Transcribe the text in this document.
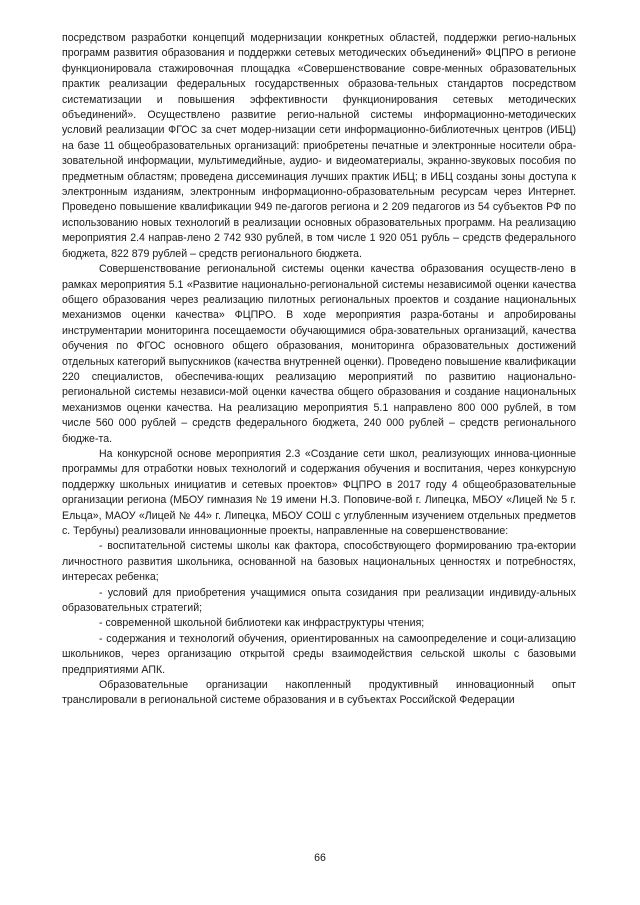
посредством разработки концепций модернизации конкретных областей, поддержки регио-нальных программ развития образования и поддержки сетевых методических объединений» ФЦПРО в регионе функционировала стажировочная площадка «Совершенствование совре-менных образовательных практик реализации федеральных государственных образова-тельных стандартов посредством систематизации и повышения эффективности функционирования сетевых методических объединений». Осуществлено развитие регио-нальной системы информационно-методических условий реализации ФГОС за счет модер-низации сети информационно-библиотечных центров (ИБЦ) на базе 11 общеобразовательных организаций: приобретены печатные и электронные носители обра-зовательной информации, мультимедийные, аудио- и видеоматериалы, экранно-звуковых пособия по предметным областям; проведена диссеминация лучших практик ИБЦ; в ИБЦ созданы зоны доступа к электронным изданиям, электронным информационно-образовательным ресурсам через Интернет. Проведено повышение квалификации 949 пе-дагогов региона и 2 209 педагогов из 54 субъектов РФ по использованию новых технологий в реализации основных образовательных программ. На реализацию мероприятия 2.4 направ-лено 2 742 930 рублей, в том числе 1 920 051 рубль – средств федерального бюджета, 822 879 рублей – средств регионального бюджета.

Совершенствование региональной системы оценки качества образования осуществ-лено в рамках мероприятия 5.1 «Развитие национально-региональной системы независимой оценки качества общего образования через реализацию пилотных региональных проектов и создание национальных механизмов оценки качества» ФЦПРО. В ходе мероприятия разра-ботаны и апробированы инструментарии мониторинга посещаемости обучающимися обра-зовательных организаций, качества обучения по ФГОС основного общего образования, мониторинга образовательных достижений отдельных категорий выпускников (качества внутренней оценки). Проведено повышение квалификации 220 специалистов, обеспечива-ющих реализацию мероприятий по развитию национально-региональной системы независи-мой оценки качества общего образования и создание национальных механизмов оценки качества. На реализацию мероприятия 5.1 направлено 800 000 рублей, в том числе 560 000 рублей – средств федерального бюджета, 240 000 рублей – средств регионального бюдже-та.

На конкурсной основе мероприятия 2.3 «Создание сети школ, реализующих иннова-ционные программы для отработки новых технологий и содержания обучения и воспитания, через конкурсную поддержку школьных инициатив и сетевых проектов» ФЦПРО в 2017 году 4 общеобразовательные организации региона (МБОУ гимназия № 19 имени Н.З. Поповиче-вой г. Липецка, МБОУ «Лицей № 5 г. Ельца», МАОУ «Лицей № 44» г. Липецка, МБОУ СОШ с углубленным изучением отдельных предметов с. Тербуны) реализовали инновационные проекты, направленные на совершенствование:

- воспитательной системы школы как фактора, способствующего формированию тра-ектории личностного развития школьника, основанной на базовых национальных ценностях и потребностях, интересах ребенка;

- условий для приобретения учащимися опыта созидания при реализации индивиду-альных образовательных стратегий;

- современной школьной библиотеки как инфраструктуры чтения;

- содержания и технологий обучения, ориентированных на самоопределение и соци-ализацию школьников, через организацию открытой среды взаимодействия сельской школы с базовыми предприятиями АПК.

Образовательные организации накопленный продуктивный инновационный опыт транслировали в региональной системе образования и в субъектах Российской Федерации

66
